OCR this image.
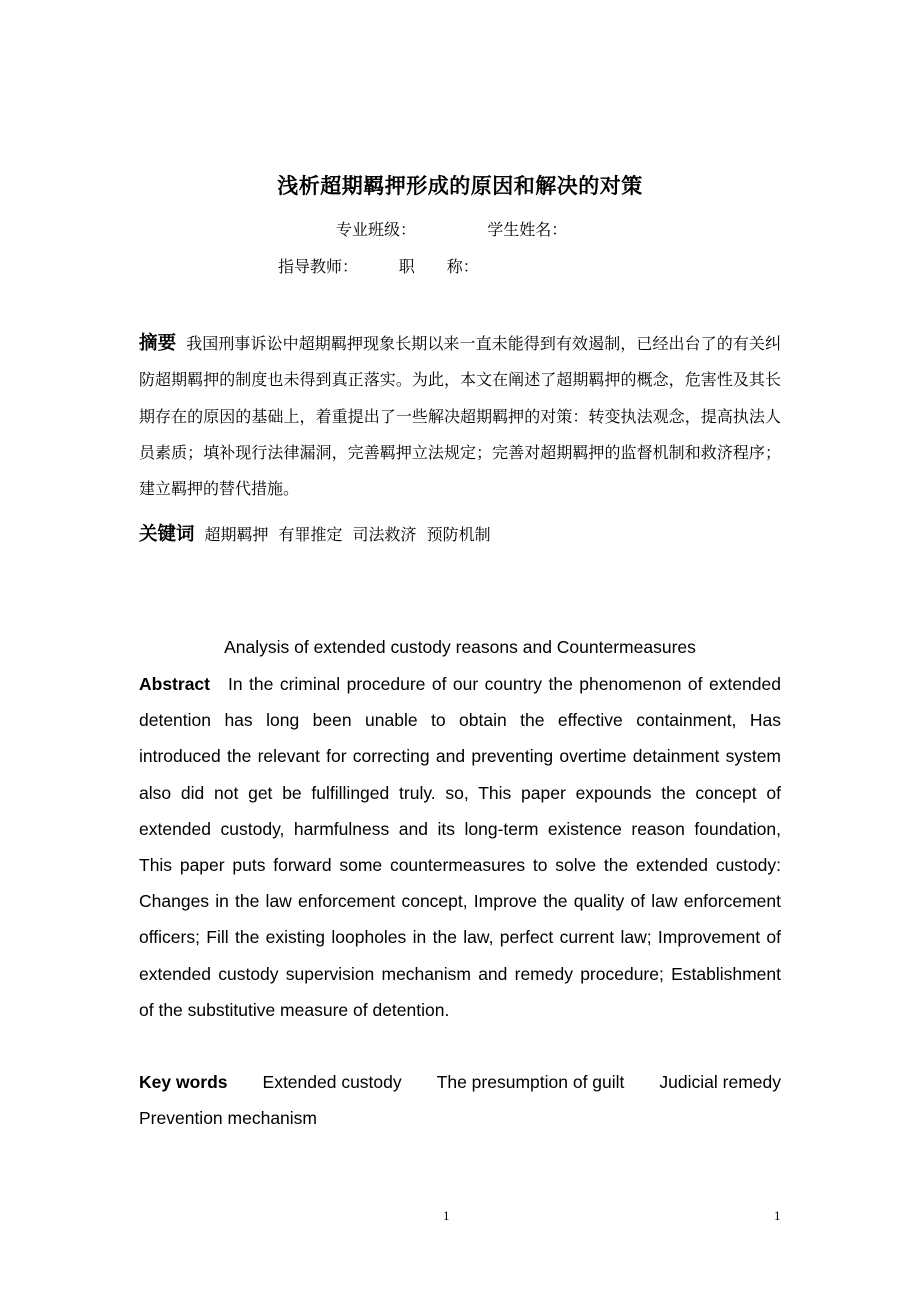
浅析超期羁押形成的原因和解决的对策
专业班级：	学生姓名：
指导教师：	职　　称：
摘要 我国刑事诉讼中超期羁押现象长期以来一直未能得到有效遏制，已经出台了的有关纠防超期羁押的制度也未得到真正落实。为此，本文在阐述了超期羁押的概念，危害性及其长期存在的原因的基础上，着重提出了一些解决超期羁押的对策：转变执法观念，提高执法人员素质；填补现行法律漏洞，完善羁押立法规定；完善对超期羁押的监督机制和救济程序；建立羁押的替代措施。
关键词 超期羁押 有罪推定 司法救济 预防机制
Analysis of extended custody reasons and Countermeasures
Abstract In the criminal procedure of our country the phenomenon of extended detention has long been unable to obtain the effective containment, Has introduced the relevant for correcting and preventing overtime detainment system also did not get be fulfillinged truly. so, This paper expounds the concept of extended custody, harmfulness and its long-term existence reason foundation, This paper puts forward some countermeasures to solve the extended custody: Changes in the law enforcement concept, Improve the quality of law enforcement officers; Fill the existing loopholes in the law, perfect current law; Improvement of extended custody supervision mechanism and remedy procedure; Establishment of the substitutive measure of detention.
Key words Extended custody The presumption of guilt Judicial remedy
Prevention mechanism
1	1
